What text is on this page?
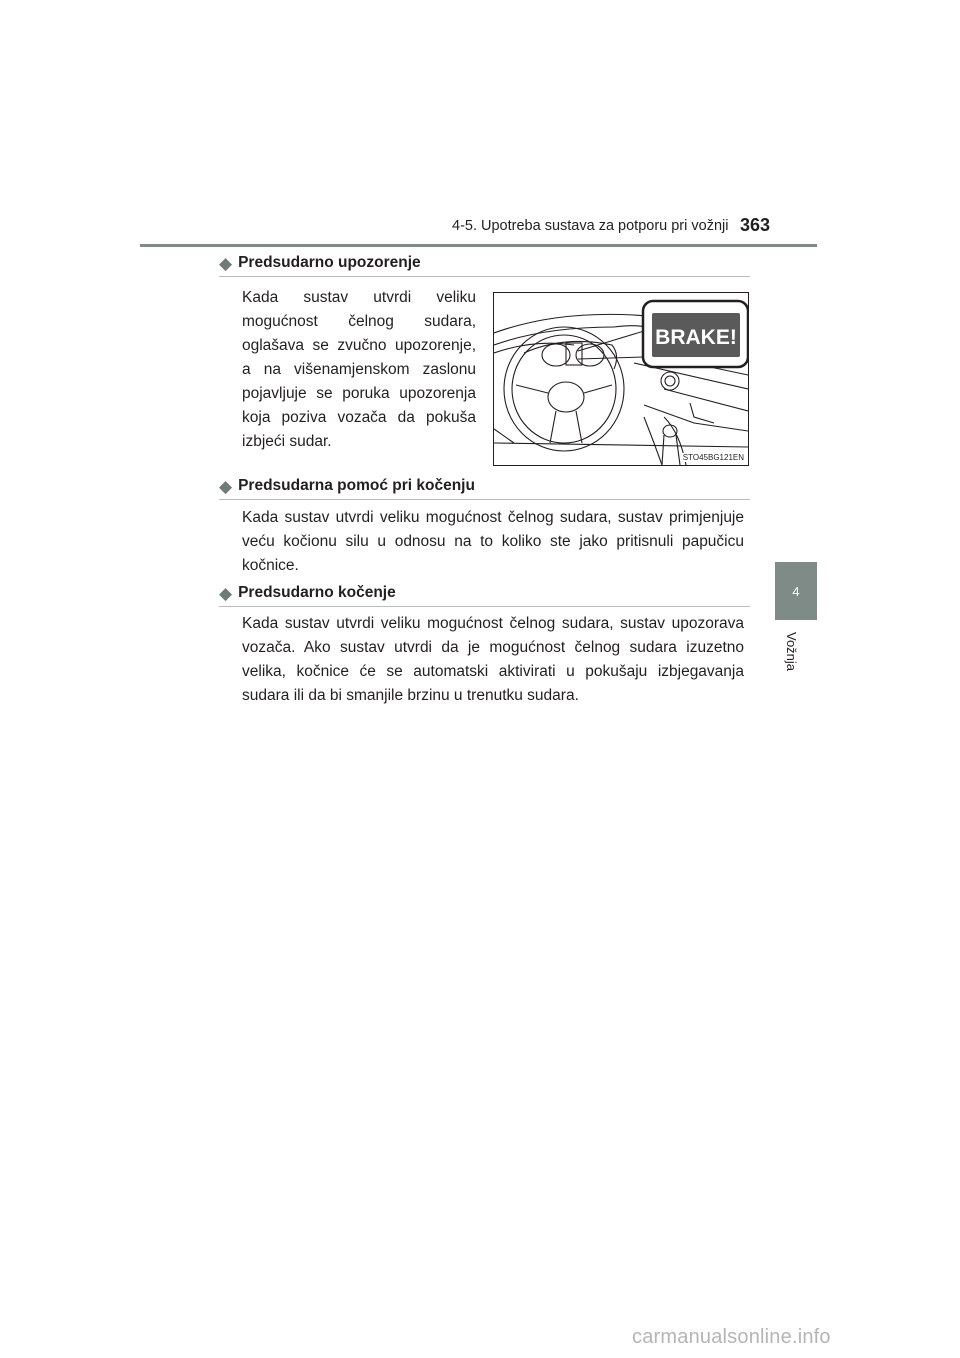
4-5. Upotreba sustava za potporu pri vožnji 363
4
Vožnja
◆ Predsudarno upozorenje
Kada sustav utvrdi veliku mogućnost čelnog sudara, oglašava se zvučno upozorenje, a na višenamjenskom zaslonu pojavljuje se poruka upozorenja koja poziva vozača da pokuša izbjeći sudar.
BRAKE!
STO45BG121EN
◆ Predsudarna pomoć pri kočenju
Kada sustav utvrdi veliku mogućnost čelnog sudara, sustav primjenjuje veću kočionu silu u odnosu na to koliko ste jako pritisnuli papučicu kočnice.
◆ Predsudarno kočenje
Kada sustav utvrdi veliku mogućnost čelnog sudara, sustav upozorava vozača. Ako sustav utvrdi da je mogućnost čelnog sudara izuzetno velika, kočnice će se automatski aktivirati u pokušaju izbjegavanja sudara ili da bi smanjile brzinu u trenutku sudara.
carmanualsonline.info
